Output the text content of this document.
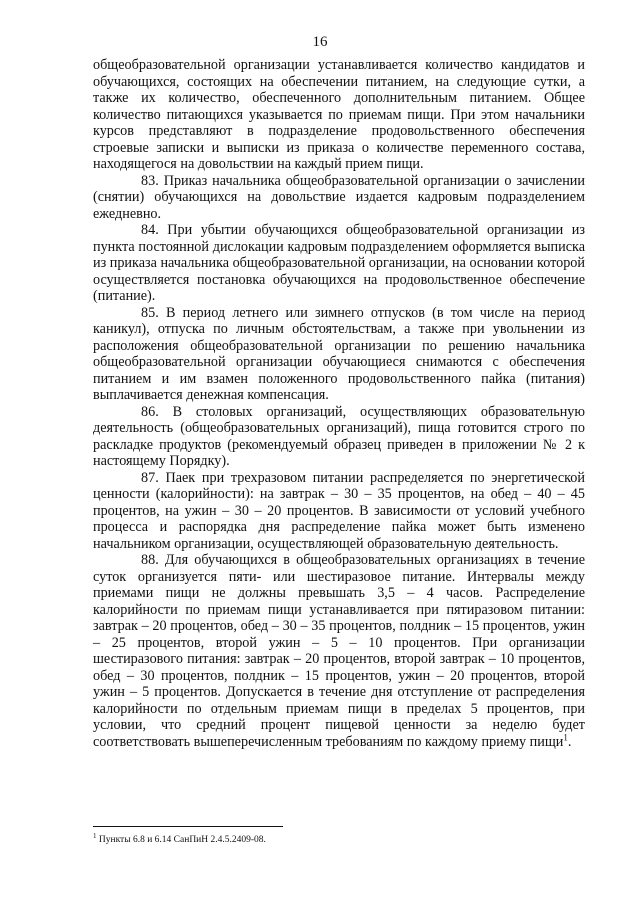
16

общеобразовательной организации устанавливается количество кандидатов и обучающихся, состоящих на обеспечении питанием, на следующие сутки, а также их количество, обеспеченного дополнительным питанием. Общее количество питающихся указывается по приемам пищи. При этом начальники курсов представляют в подразделение продовольственного обеспечения строевые записки и выписки из приказа о количестве переменного состава, находящегося на довольствии на каждый прием пищи.

83. Приказ начальника общеобразовательной организации о зачислении (снятии) обучающихся на довольствие издается кадровым подразделением ежедневно.

84. При убытии обучающихся общеобразовательной организации из пункта постоянной дислокации кадровым подразделением оформляется выписка из приказа начальника общеобразовательной организации, на основании которой осуществляется постановка обучающихся на продовольственное обеспечение (питание).

85. В период летнего или зимнего отпусков (в том числе на период каникул), отпуска по личным обстоятельствам, а также при увольнении из расположения общеобразовательной организации по решению начальника общеобразовательной организации обучающиеся снимаются с обеспечения питанием и им взамен положенного продовольственного пайка (питания) выплачивается денежная компенсация.

86. В столовых организаций, осуществляющих образовательную деятельность (общеобразовательных организаций), пища готовится строго по раскладке продуктов (рекомендуемый образец приведен в приложении № 2 к настоящему Порядку).

87. Паек при трехразовом питании распределяется по энергетической ценности (калорийности): на завтрак – 30 – 35 процентов, на обед – 40 – 45 процентов, на ужин – 30 – 20 процентов. В зависимости от условий учебного процесса и распорядка дня распределение пайка может быть изменено начальником организации, осуществляющей образовательную деятельность.

88. Для обучающихся в общеобразовательных организациях в течение суток организуется пяти- или шестиразовое питание. Интервалы между приемами пищи не должны превышать 3,5 – 4 часов. Распределение калорийности по приемам пищи устанавливается при пятиразовом питании: завтрак – 20 процентов, обед – 30 – 35 процентов, полдник – 15 процентов, ужин – 25 процентов, второй ужин – 5 – 10 процентов. При организации шестиразового питания: завтрак – 20 процентов, второй завтрак – 10 процентов, обед – 30 процентов, полдник – 15 процентов, ужин – 20 процентов, второй ужин – 5 процентов. Допускается в течение дня отступление от распределения калорийности по отдельным приемам пищи в пределах 5 процентов, при условии, что средний процент пищевой ценности за неделю будет соответствовать вышеперечисленным требованиям по каждому приему пищи$^1$.

$^1$ Пункты 6.8 и 6.14 СанПиН 2.4.5.2409-08.
